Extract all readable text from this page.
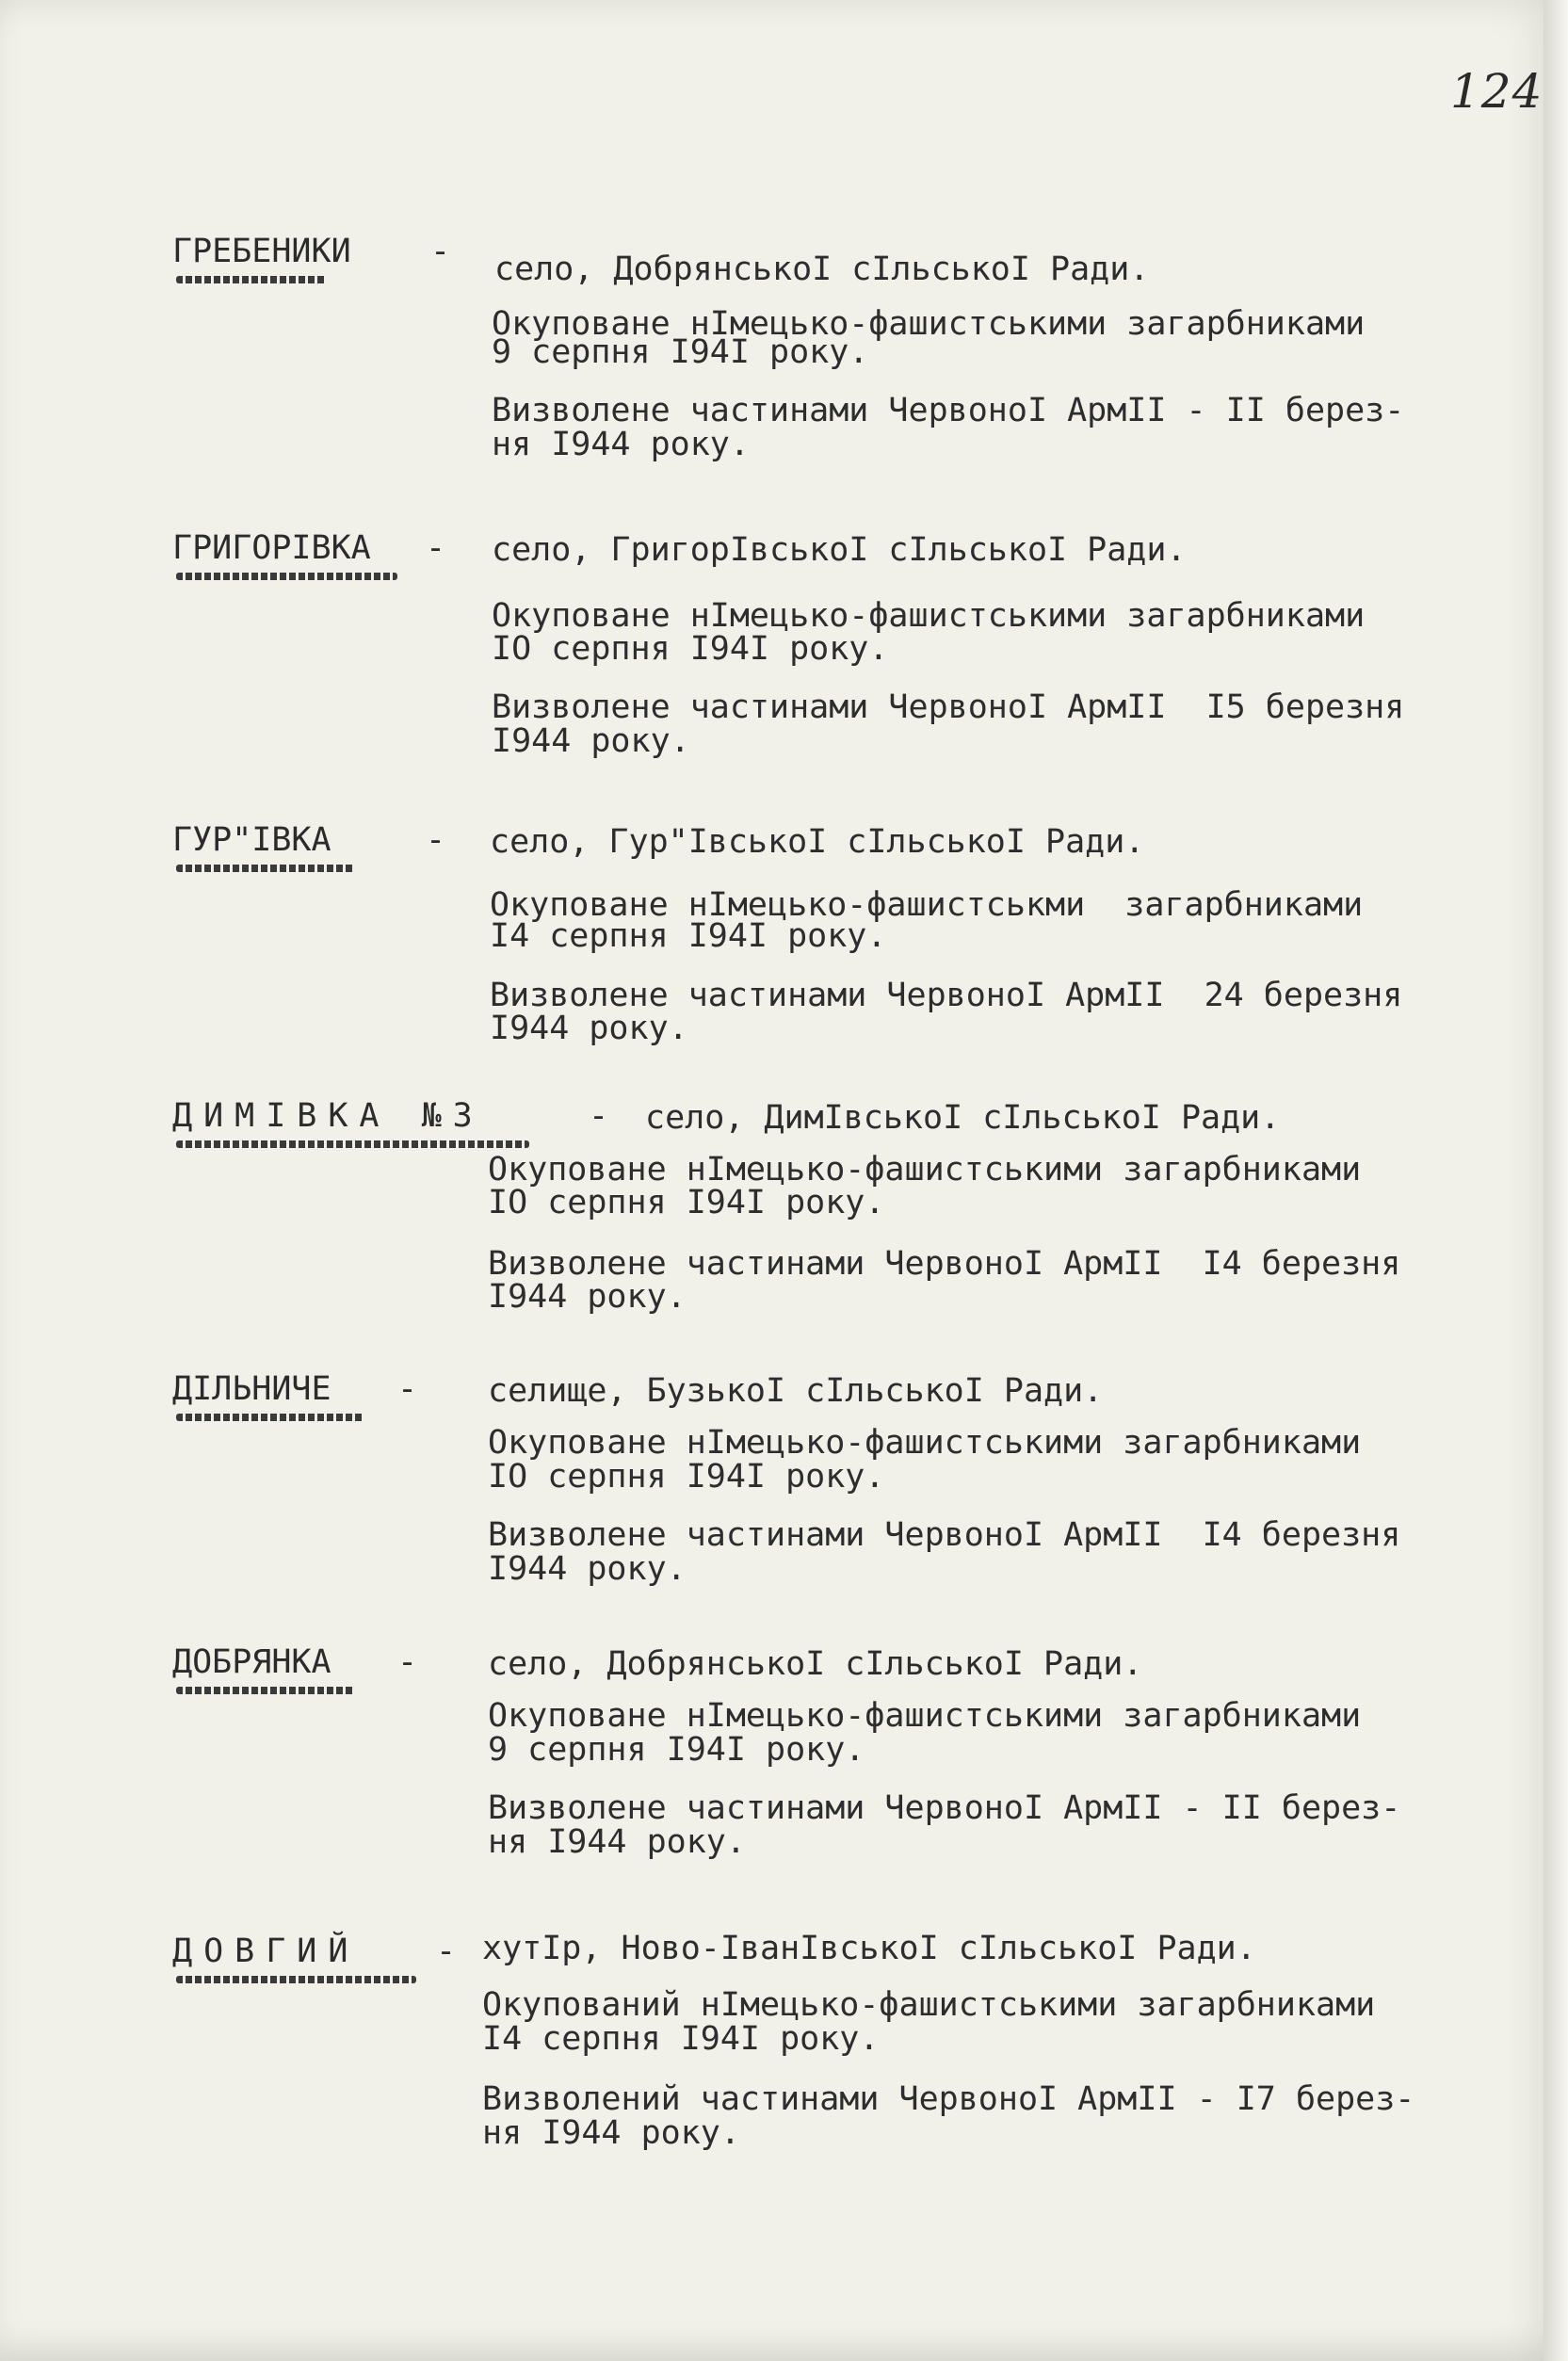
124
ГРЕБЕНИКИ - село, ДобрянськоІ сІльськоІ Ради.
Окуповане нІмецько-фашистськими загарбниками
9 серпня І94І року.
Визволене частинами ЧервоноІ АрмІІ - ІІ берез-
ня І944 року.
ГРИГОРІВКА - село, ГригорІвськоІ сІльськоІ Ради.
Окуповане нІмецько-фашистськими загарбниками
ІО серпня І94І року.
Визволене частинами ЧервоноІ АрмІІ  І5 березня
І944 року.
ГУР"ІВКА	- село, Гур"ІвськоІ сІльськоІ Ради.
Окуповане нІмецько-фашистськми  загарбниками
І4 серпня І94І року.
Визволене частинами ЧервоноІ АрмІІ  24 березня
І944 року.
ДИМІВКА №3	- село, ДимІвськоІ сІльськоІ Ради.
Окуповане нІмецько-фашистськими загарбниками
ІО серпня І94І року.
Визволене частинами ЧервоноІ АрмІІ  І4 березня
І944 року.
ДІЛЬНИЧЕ - селище, БузькоІ сІльськоІ Ради.
Окуповане нІмецько-фашистськими загарбниками
ІО серпня І94І року.
Визволене частинами ЧервоноІ АрмІІ  І4 березня
І944 року.
ДОБРЯНКА - село, ДобрянськоІ сІльськоІ Ради.
Окуповане нІмецько-фашистськими загарбниками
9 серпня І94І року.
Визволене частинами ЧервоноІ АрмІІ - ІІ берез-
ня І944 року.
ДОВГИЙ - хутІр, Ново-ІванІвськоІ сІльськоІ Ради.
Окупований нІмецько-фашистськими загарбниками
І4 серпня І94І року.
Визволений частинами ЧервоноІ АрмІІ - І7 берез-
ня І944 року.
